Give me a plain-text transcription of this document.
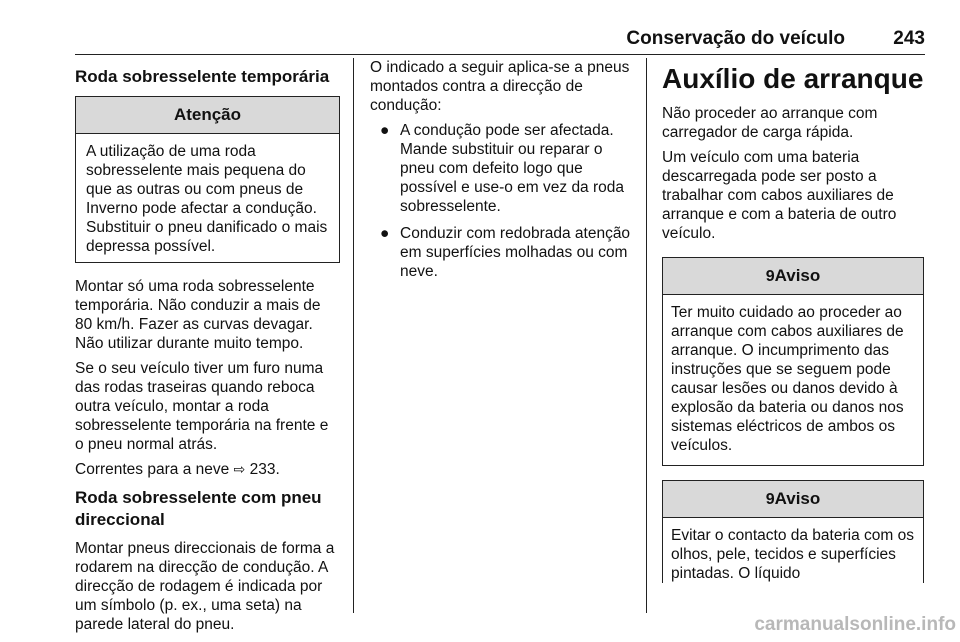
Conservação do veículo	243
Roda sobresselente temporária
Atenção

A utilização de uma roda sobresselente mais pequena do que as outras ou com pneus de Inverno pode afectar a condução. Substituir o pneu danificado o mais depressa possível.

Montar só uma roda sobresselente temporária. Não conduzir a mais de 80 km/h. Fazer as curvas devagar. Não utilizar durante muito tempo.

Se o seu veículo tiver um furo numa das rodas traseiras quando reboca outra veículo, montar a roda sobresselente temporária na frente e o pneu normal atrás.

Correntes para a neve ⇨ 233.

Roda sobresselente com pneu direccional

Montar pneus direccionais de forma a rodarem na direcção de condução. A direcção de rodagem é indicada por um símbolo (p. ex., uma seta) na parede lateral do pneu.

O indicado a seguir aplica-se a pneus montados contra a direcção de condução:

● A condução pode ser afectada. Mande substituir ou reparar o pneu com defeito logo que possível e use-o em vez da roda sobresselente.
● Conduzir com redobrada atenção em superfícies molhadas ou com neve.
Auxílio de arranque

Não proceder ao arranque com carregador de carga rápida.

Um veículo com uma bateria descarregada pode ser posto a trabalhar com cabos auxiliares de arranque e com a bateria de outro veículo.

9Aviso

Ter muito cuidado ao proceder ao arranque com cabos auxiliares de arranque. O incumprimento das instruções que se seguem pode causar lesões ou danos devido à explosão da bateria ou danos nos sistemas eléctricos de ambos os veículos.

9Aviso

Evitar o contacto da bateria com os olhos, pele, tecidos e superfícies pintadas. O líquido

carmanualsonline.info
